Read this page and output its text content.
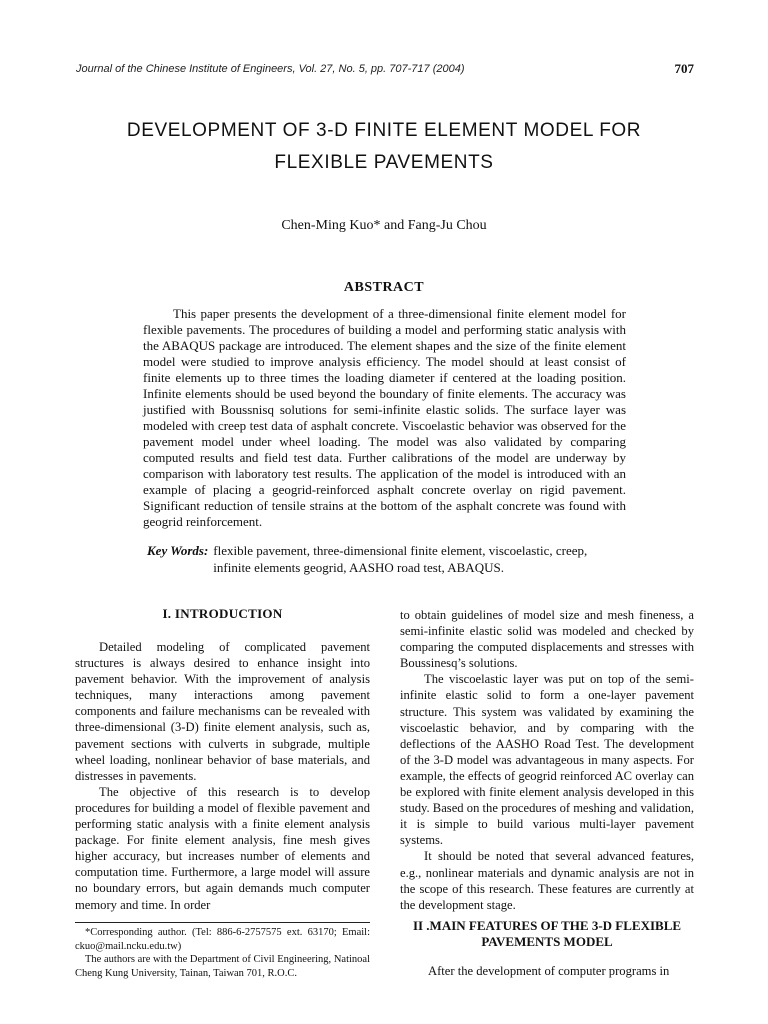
Journal of the Chinese Institute of Engineers, Vol. 27, No. 5, pp. 707-717 (2004)	707
DEVELOPMENT OF 3-D FINITE ELEMENT MODEL FOR
FLEXIBLE PAVEMENTS
Chen-Ming Kuo* and Fang-Ju Chou
ABSTRACT

This paper presents the development of a three-dimensional finite element model for flexible pavements. The procedures of building a model and performing static analysis with the ABAQUS package are introduced. The element shapes and the size of the finite element model were studied to improve analysis efficiency. The model should at least consist of finite elements up to three times the loading diameter if centered at the loading position. Infinite elements should be used beyond the boundary of finite elements. The accuracy was justified with Boussnisq solutions for semi-infinite elastic solids. The surface layer was modeled with creep test data of asphalt concrete. Viscoelastic behavior was observed for the pavement model under wheel loading. The model was also validated by comparing computed results and field test data. Further calibrations of the model are underway by comparison with laboratory test results. The application of the model is introduced with an example of placing a geogrid-reinforced asphalt concrete overlay on rigid pavement. Significant reduction of tensile strains at the bottom of the asphalt concrete was found with geogrid reinforcement.

Key Words: flexible pavement, three-dimensional finite element, viscoelastic, creep, infinite elements geogrid, AASHO road test, ABAQUS.
I. INTRODUCTION

Detailed modeling of complicated pavement structures is always desired to enhance insight into pavement behavior. With the improvement of analysis techniques, many interactions among pavement components and failure mechanisms can be revealed with three-dimensional (3-D) finite element analysis, such as, pavement sections with culverts in subgrade, multiple wheel loading, nonlinear behavior of base materials, and distresses in pavements.

The objective of this research is to develop procedures for building a model of flexible pavement and performing static analysis with a finite element analysis package. For finite element analysis, fine mesh gives higher accuracy, but increases number of elements and computation time. Furthermore, a large model will assure no boundary errors, but again demands much computer memory and time. In order

to obtain guidelines of model size and mesh fineness, a semi-infinite elastic solid was modeled and checked by comparing the computed displacements and stresses with Boussinesq’s solutions.

The viscoelastic layer was put on top of the semi-infinite elastic solid to form a one-layer pavement structure. This system was validated by examining the viscoelastic behavior, and by comparing with the deflections of the AASHO Road Test. The development of the 3-D model was advantageous in many aspects. For example, the effects of geogrid reinforced AC overlay can be explored with finite element analysis developed in this study. Based on the procedures of meshing and validation, it is simple to build various multi-layer pavement systems.

It should be noted that several advanced features, e.g., nonlinear materials and dynamic analysis are not in the scope of this research. These features are currently at the development stage.

*Corresponding author. (Tel: 886-6-2757575 ext. 63170; Email: ckuo@mail.ncku.edu.tw)

The authors are with the Department of Civil Engineering, Natinoal Cheng Kung University, Tainan, Taiwan 701, R.O.C.

II .MAIN FEATURES OF THE 3-D FLEXIBLE
PAVEMENTS MODEL

After the development of computer programs in
